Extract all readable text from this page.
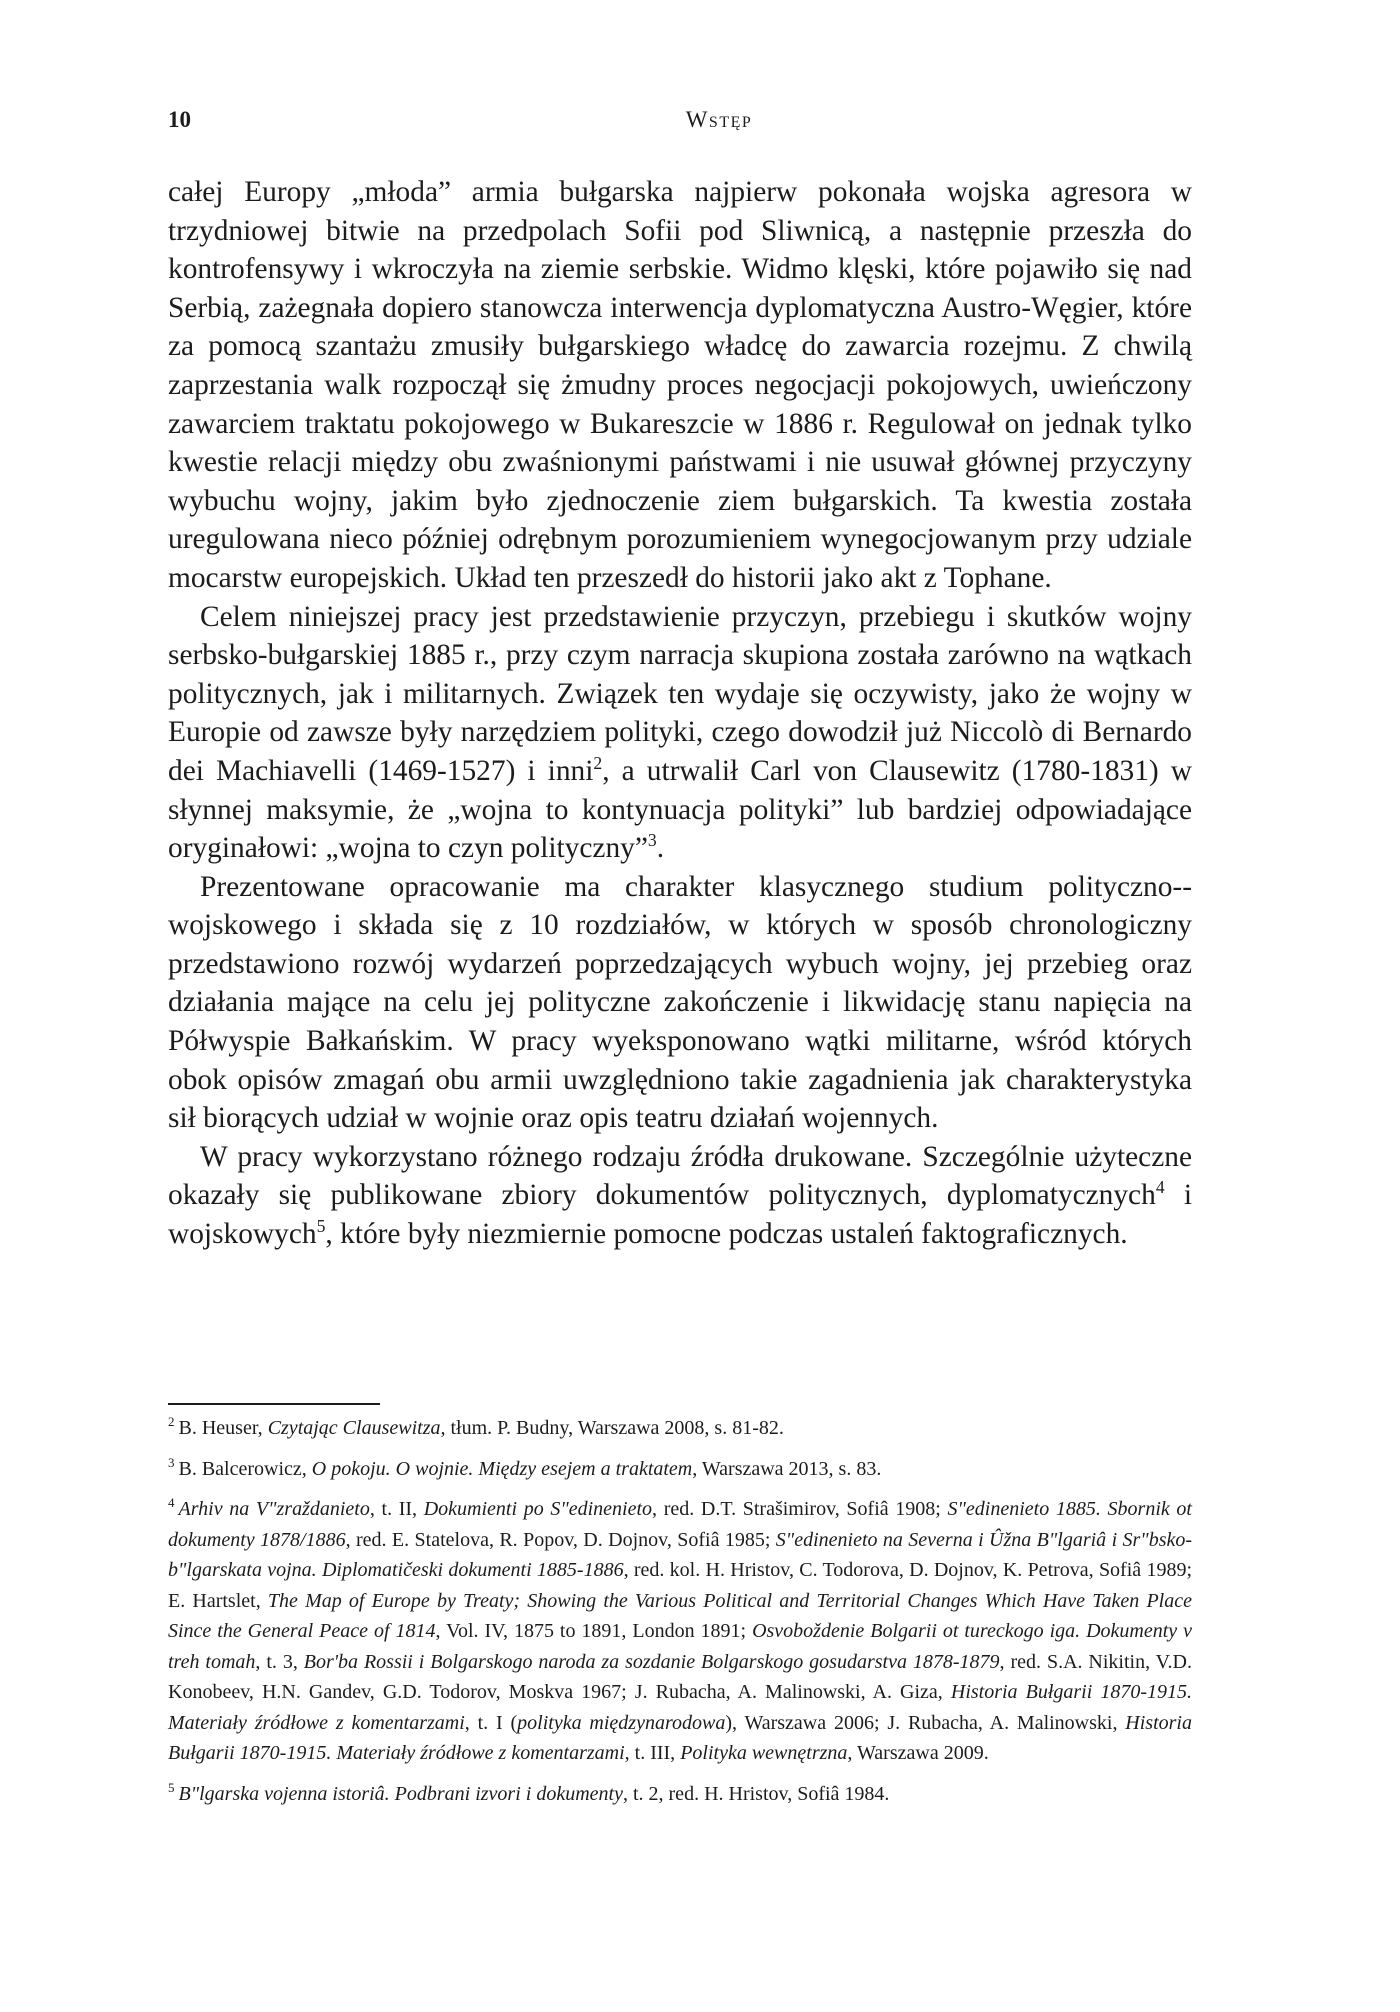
10	Wstęp

całej Europy „młoda” armia bułgarska najpierw pokonała wojska agresora w trzydniowej bitwie na przedpolach Sofii pod Sliwnicą, a następnie przeszła do kontrofensywy i wkroczyła na ziemie serbskie. Widmo klęski, które pojawiło się nad Serbią, zażegnała dopiero stanowcza interwencja dyplomatyczna Austro-Węgier, które za pomocą szantażu zmusiły bułgarskiego władcę do zawarcia rozejmu. Z chwilą zaprzestania walk rozpoczął się żmudny proces negocjacji pokojowych, uwieńczony zawarciem traktatu pokojowego w Bukareszcie w 1886 r. Regulował on jednak tylko kwestie relacji między obu zwaśnionymi państwami i nie usuwał głównej przyczyny wybuchu wojny, jakim było zjednoczenie ziem bułgarskich. Ta kwestia została uregulowana nieco później odrębnym porozumieniem wynegocjowanym przy udziale mocarstw europejskich. Układ ten przeszedł do historii jako akt z Tophane.

Celem niniejszej pracy jest przedstawienie przyczyn, przebiegu i skutków wojny serbsko-bułgarskiej 1885 r., przy czym narracja skupiona została zarówno na wątkach politycznych, jak i militarnych. Związek ten wydaje się oczywisty, jako że wojny w Europie od zawsze były narzędziem polityki, czego dowodził już Niccolò di Bernardo dei Machiavelli (1469-1527) i inni$^2$, a utrwalił Carl von Clausewitz (1780-1831) w słynnej maksymie, że „wojna to kontynuacja polityki” lub bardziej odpowiadające oryginałowi: „wojna to czyn polityczny”$^3$.

Prezentowane opracowanie ma charakter klasycznego studium polityczno--wojskowego i składa się z 10 rozdziałów, w których w sposób chronologiczny przedstawiono rozwój wydarzeń poprzedzających wybuch wojny, jej przebieg oraz działania mające na celu jej polityczne zakończenie i likwidację stanu napięcia na Półwyspie Bałkańskim. W pracy wyeksponowano wątki militarne, wśród których obok opisów zmagań obu armii uwzględniono takie zagadnienia jak charakterystyka sił biorących udział w wojnie oraz opis teatru działań wojennych.

W pracy wykorzystano różnego rodzaju źródła drukowane. Szczególnie użyteczne okazały się publikowane zbiory dokumentów politycznych, dyplomatycznych$^4$ i wojskowych$^5$, które były niezmiernie pomocne podczas ustaleń faktograficznych.

$^2$ B. Heuser, Czytając Clausewitza, tłum. P. Budny, Warszawa 2008, s. 81-82.

$^3$ B. Balcerowicz, O pokoju. O wojnie. Między esejem a traktatem, Warszawa 2013, s. 83.

$^4$ Arhiv na V"zraždanieto, t. II, Dokumienti po S"edinenieto, red. D.T. Strašimirov, Sofiâ 1908; S"edinenieto 1885. Sbornik ot dokumenty 1878/1886, red. E. Statelova, R. Popov, D. Dojnov, Sofiâ 1985; S"edinenieto na Severna i Ûžna B"lgariâ i Sr"bsko-b"lgarskata vojna. Diplomatičeski dokumenti 1885-1886, red. kol. H. Hristov, C. Todorova, D. Dojnov, K. Petrova, Sofiâ 1989; E. Hartslet, The Map of Europe by Treaty; Showing the Various Political and Territorial Changes Which Have Taken Place Since the General Peace of 1814, Vol. IV, 1875 to 1891, London 1891; Osvoboždenie Bolgarii ot tureckogo iga. Dokumenty v treh tomah, t. 3, Bor'ba Rossii i Bolgarskogo naroda za sozdanie Bolgarskogo gosudarstva 1878-1879, red. S.A. Nikitin, V.D. Konobeev, H.N. Gandev, G.D. Todorov, Moskva 1967; J. Rubacha, A. Malinowski, A. Giza, Historia Bułgarii 1870-1915. Materiały źródłowe z komentarzami, t. I (polityka międzynarodowa), Warszawa 2006; J. Rubacha, A. Malinowski, Historia Bułgarii 1870-1915. Materiały źródłowe z komentarzami, t. III, Polityka wewnętrzna, Warszawa 2009.

$^5$ B"lgarska vojenna istoriâ. Podbrani izvori i dokumenty, t. 2, red. H. Hristov, Sofiâ 1984.
